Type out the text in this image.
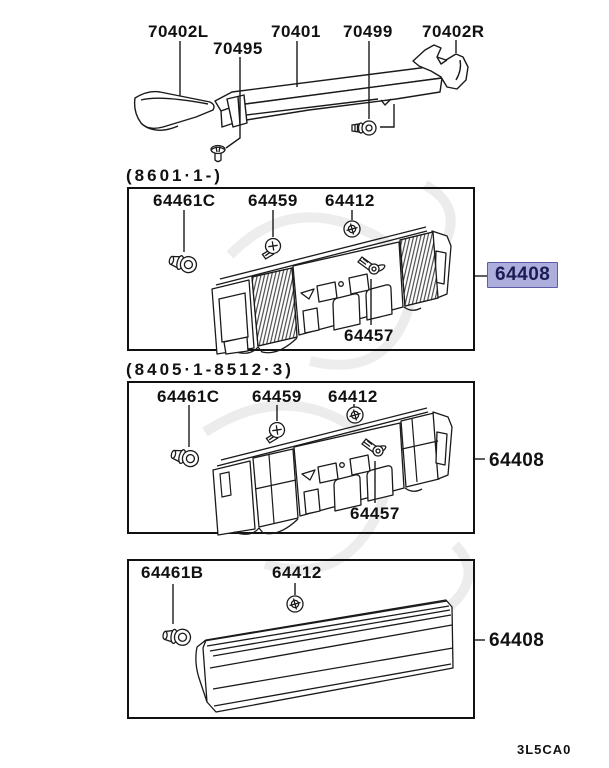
70402L
70495
70401 70499 70402R
(8601·1-)
64461C 64459 64412
64457
64408
(8405·1-8512·3)
64461C 64459 64412
64457
64408
64461B	64412
64408
3L5CA0
